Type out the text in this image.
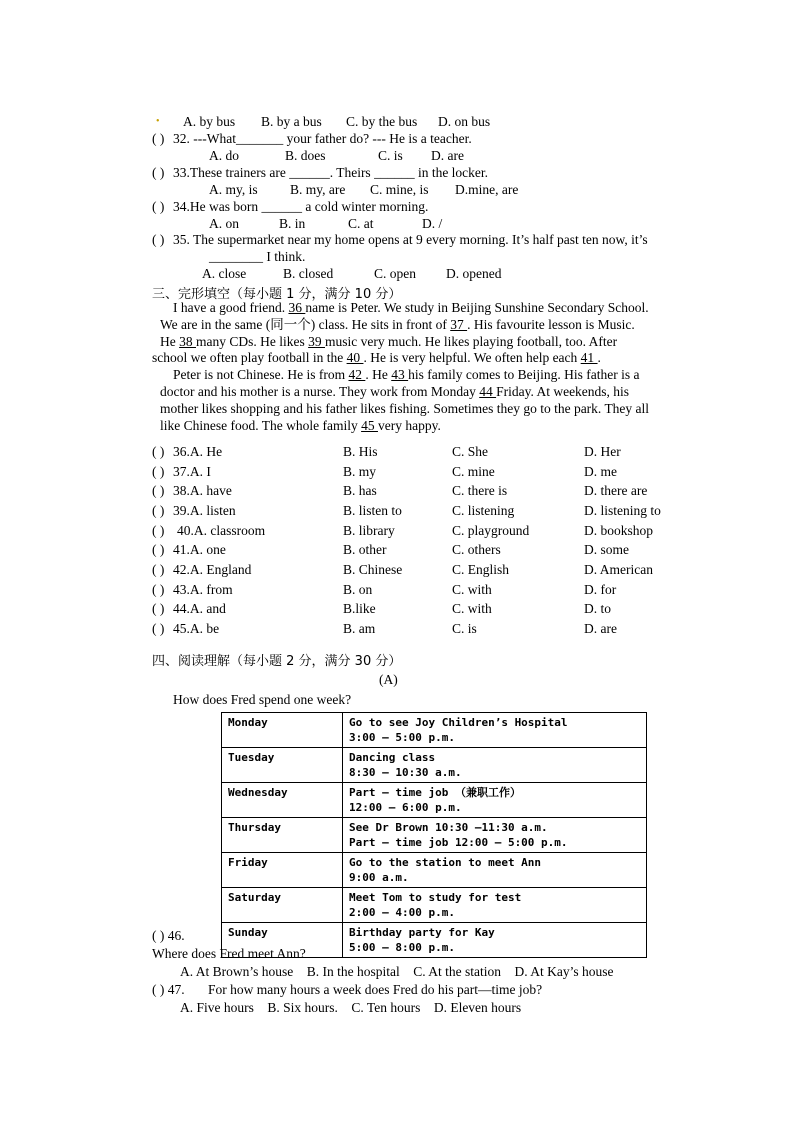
• A. by bus B. by a bus C. by the bus D. on bus
( ) 32. ---What_______ your father do? --- He is a teacher.
A. do	B. does	C. is D. are
( ) 33.These trainers are ______. Theirs ______ in the locker.
A. my, is B. my, are C. mine, is D.mine, are
( ) 34.He was born ______ a cold winter morning.
A. on	B. in	C. at	D. /
( ) 35. The supermarket near my home opens at 9 every morning. It’s half past ten now, it’s
________ I think.
A. close	B. closed	C. open D. opened
三、完形填空（每小题 1 分，满分 10 分）
I have a good friend. 36 name is Peter. We study in Beijing Sunshine Secondary School.
We are in the same (同一个) class. He sits in front of 37 . His favourite lesson is Music.
He 38 many CDs. He likes 39 music very much. He likes playing football, too. After
school we often play football in the 40 . He is very helpful. We often help each 41 .
Peter is not Chinese. He is from 42 . He 43 his family comes to Beijing. His father is a
doctor and his mother is a nurse. They work from Monday 44 Friday. At weekends, his
mother likes shopping and his father likes fishing. Sometimes they go to the park. They all
like Chinese food. The whole family 45 very happy.
( ) 36.A. He	B. His	C. She	D. Her
( ) 37.A. I	B. my	C. mine	D. me
( ) 38.A. have	B. has	C. there is	D. there are
( ) 39.A. listen	B. listen to	C. listening	D. listening to
( ) 40.A. classroom	B. library	C. playground	D. bookshop
( ) 41.A. one	B. other	C. others	D. some
( ) 42.A. England	B. Chinese	C. English	D. American
( ) 43.A. from	B. on	C. with	D. for
( ) 44.A. and	B.like	C. with	D. to
( ) 45.A. be	B. am	C. is	D. are
四、阅读理解（每小题 2 分，满分 30 分）
(A)
How does Fred spend one week?
Monday	Go to see Joy Children’s Hospital
3:00 — 5:00 p.m.

Tuesday	Dancing class
8:30 — 10:30 a.m.

Wednesday	Part – time job （兼职工作）
12:00 — 6:00 p.m.

Thursday	See Dr Brown 10:30 —11:30 a.m.
Part – time job 12:00 — 5:00 p.m.

Friday	Go to the station to meet Ann
9:00 a.m.

Saturday	Meet Tom to study for test
2:00 — 4:00 p.m.

Sunday	Birthday party for Kay
5:00 — 8:00 p.m.
( ) 46.
Where does Fred meet Ann?
A. At Brown’s house    B. In the hospital    C. At the station    D. At Kay’s house
( ) 47. For how many hours a week does Fred do his part—time job?
A. Five hours    B. Six hours.    C. Ten hours    D. Eleven hours
